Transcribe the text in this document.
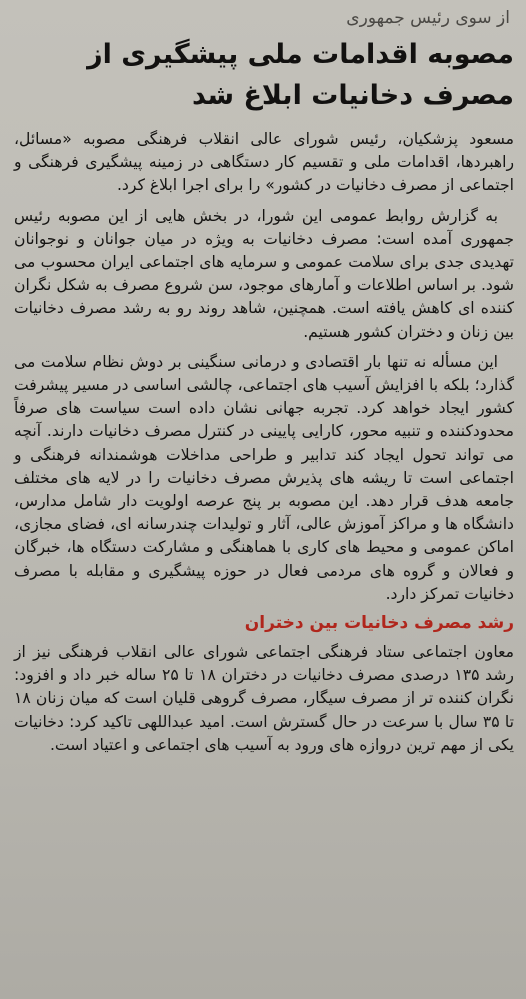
از سوی رئیس جمهوری
مصوبه اقدامات ملی پیشگیری از مصرف دخانیات ابلاغ شد

مسعود پزشکیان، رئیس شورای عالی انقلاب فرهنگی مصوبه «مسائل، راهبردها، اقدامات ملی و تقسیم کار دستگاهی در زمینه پیشگیری فرهنگی و اجتماعی از مصرف دخانیات در کشور» را برای اجرا ابلاغ کرد.

به گزارش روابط عمومی این شورا، در بخش هایی از این مصوبه رئیس جمهوری آمده است: مصرف دخانیات به ویژه در میان جوانان و نوجوانان تهدیدی جدی برای سلامت عمومی و سرمایه های اجتماعی ایران محسوب می شود. بر اساس اطلاعات و آمارهای موجود، سن شروع مصرف به شکل نگران کننده ای کاهش یافته است. همچنین، شاهد روند رو به رشد مصرف دخانیات بین زنان و دختران کشور هستیم.

این مسأله نه تنها بار اقتصادی و درمانی سنگینی بر دوش نظام سلامت می گذارد؛ بلکه با افزایش آسیب های اجتماعی، چالشی اساسی در مسیر پیشرفت کشور ایجاد خواهد کرد. تجربه جهانی نشان داده است سیاست های صرفاً محدودکننده و تنبیه محور، کارایی پایینی در کنترل مصرف دخانیات دارند. آنچه می تواند تحول ایجاد کند تدابیر و طراحی مداخلات هوشمندانه فرهنگی و اجتماعی است تا ریشه های پذیرش مصرف دخانیات را در لایه های مختلف جامعه هدف قرار دهد. این مصوبه بر پنج عرصه اولویت دار شامل مدارس، دانشگاه ها و مراکز آموزش عالی، آثار و تولیدات چندرسانه ای، فضای مجازی، اماکن عمومی و محیط های کاری با هماهنگی و مشارکت دستگاه ها، خبرگان و فعالان و گروه های مردمی فعال در حوزه پیشگیری و مقابله با مصرف دخانیات تمرکز دارد.

رشد مصرف دخانیات بین دختران

معاون اجتماعی ستاد فرهنگی اجتماعی شورای عالی انقلاب فرهنگی نیز از رشد ۱۳۵ درصدی مصرف دخانیات در دختران ۱۸ تا ۲۵ ساله خبر داد و افزود: نگران کننده تر از مصرف سیگار، مصرف گروهی قلیان است که میان زنان ۱۸ تا ۳۵ سال با سرعت در حال گسترش است. امید عبداللهی تاکید کرد: دخانیات یکی از مهم ترین دروازه های ورود به آسیب های اجتماعی و اعتیاد است.
